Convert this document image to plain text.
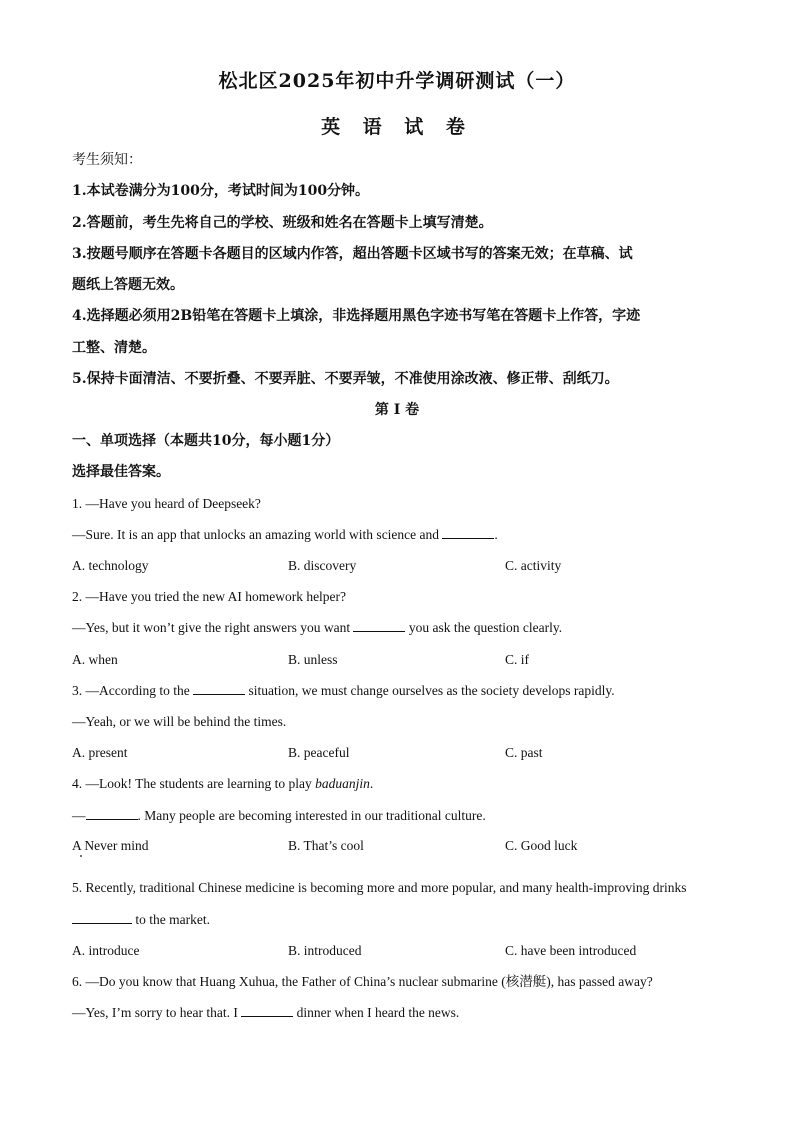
松北区2025年初中升学调研测试（一）
英 语 试 卷
考生须知：
1.本试卷满分为100分，考试时间为100分钟。
2.答题前，考生先将自己的学校、班级和姓名在答题卡上填写清楚。
3.按题号顺序在答题卡各题目的区域内作答，超出答题卡区域书写的答案无效；在草稿、试
题纸上答题无效。
4.选择题必须用2B铅笔在答题卡上填涂，非选择题用黑色字迹书写笔在答题卡上作答，字迹
工整、清楚。
5.保持卡面清洁、不要折叠、不要弄脏、不要弄皱，不准使用涂改液、修正带、刮纸刀。
第 I 卷
一、单项选择（本题共10分，每小题1分）
选择最佳答案。
1. —Have you heard of Deepseek?
—Sure. It is an app that unlocks an amazing world with science and	.
A. technology	B. discovery	C. activity
2. —Have you tried the new AI homework helper?
—Yes, but it won’t give the right answers you want	you ask the question clearly.
A. when	B. unless	C. if
3. —According to the	situation, we must change ourselves as the society develops rapidly.
—Yeah, or we will be behind the times.
A. present	B. peaceful	C. past
4. —Look! The students are learning to play baduanjin.
—	. Many people are becoming interested in our traditional culture.
A Never mind	B. That’s cool	C. Good luck
5. Recently, traditional Chinese medicine is becoming more and more popular, and many health-improving drinks
to the market.
A. introduce	B. introduced	C. have been introduced
6. —Do you know that Huang Xuhua, the Father of China’s nuclear submarine (核潜艇), has passed away?
—Yes, I’m sorry to hear that. I	dinner when I heard the news.
